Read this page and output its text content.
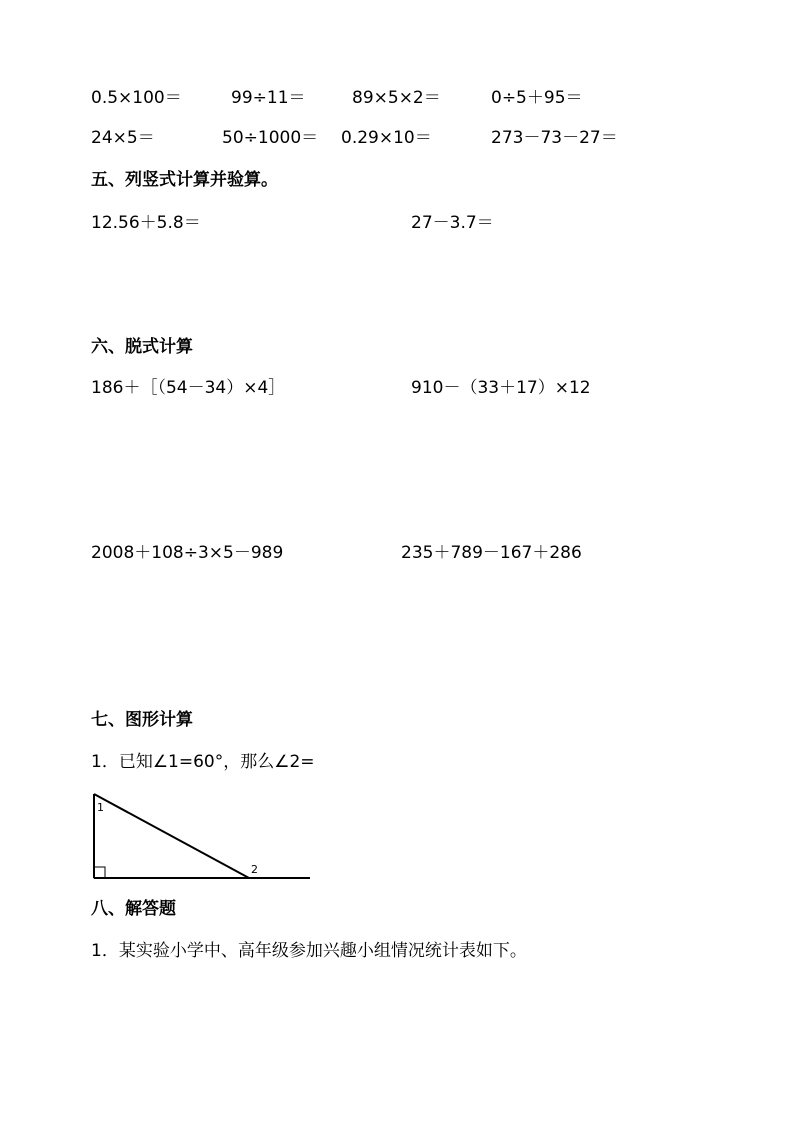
0.5×100＝	99÷11＝	89×5×2＝	0÷5＋95＝
24×5＝	50÷1000＝ 0.29×10＝	273－73－27＝
五、列竖式计算并验算。
12.56＋5.8＝	27－3.7＝
六、脱式计算
186＋［（54－34）×4］	910－（33＋17）×12
2008＋108÷3×5－989	235＋789－167＋286
七、图形计算
1．已知∠1=60°，那么∠2=
1
2
八、解答题
1．某实验小学中、高年级参加兴趣小组情况统计表如下。
